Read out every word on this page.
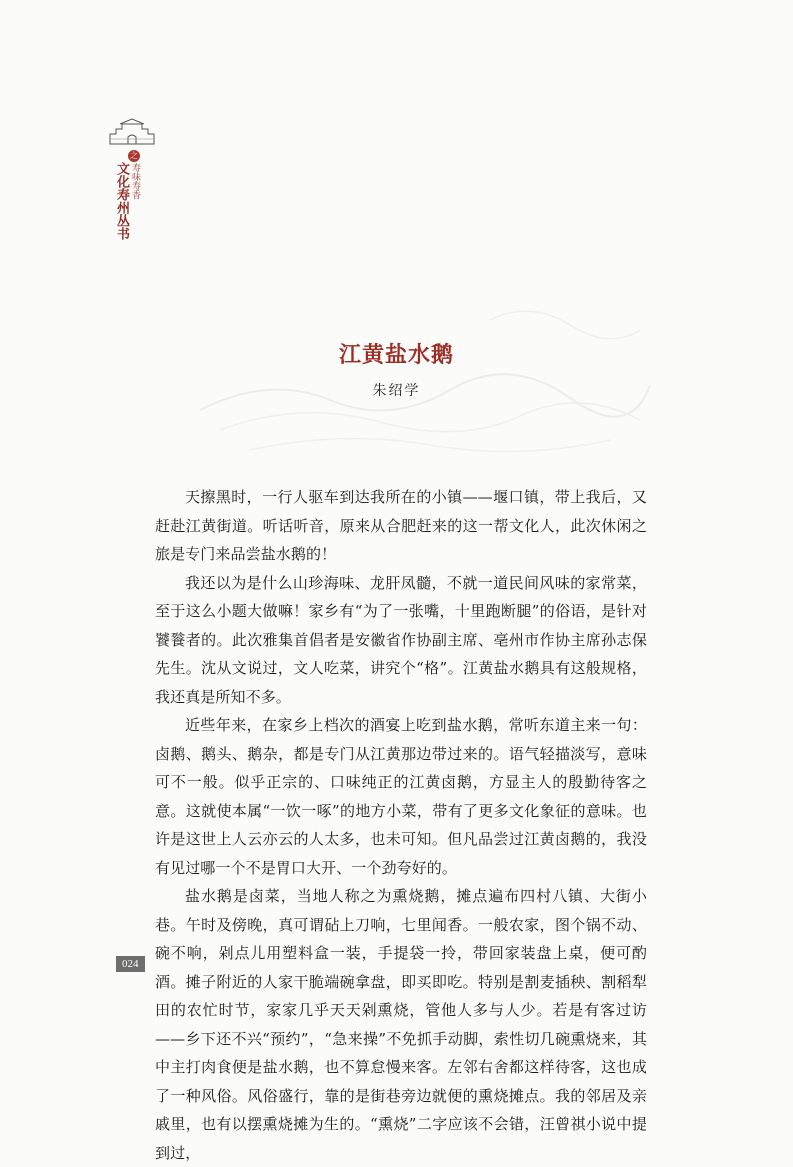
之
文化寿州丛书 寿味寿香
江黄盐水鹅
朱绍学

天擦黑时，一行人驱车到达我所在的小镇——堰口镇，带上我后，又赶赴江黄街道。听话听音，原来从合肥赶来的这一帮文化人，此次休闲之旅是专门来品尝盐水鹅的！

我还以为是什么山珍海味、龙肝凤髓，不就一道民间风味的家常菜，至于这么小题大做嘛！家乡有“为了一张嘴，十里跑断腿”的俗语，是针对饕餮者的。此次雅集首倡者是安徽省作协副主席、亳州市作协主席孙志保先生。沈从文说过，文人吃菜，讲究个“格”。江黄盐水鹅具有这般规格，我还真是所知不多。

近些年来，在家乡上档次的酒宴上吃到盐水鹅，常听东道主来一句：卤鹅、鹅头、鹅杂，都是专门从江黄那边带过来的。语气轻描淡写，意味可不一般。似乎正宗的、口味纯正的江黄卤鹅，方显主人的殷勤待客之意。这就使本属“一饮一啄”的地方小菜，带有了更多文化象征的意味。也许是这世上人云亦云的人太多，也未可知。但凡品尝过江黄卤鹅的，我没有见过哪一个不是胃口大开、一个劲夸好的。

盐水鹅是卤菜，当地人称之为熏烧鹅，摊点遍布四村八镇、大街小巷。午时及傍晚，真可谓砧上刀响，七里闻香。一般农家，图个锅不动、碗不响，剁点儿用塑料盒一装，手提袋一拎，带回家装盘上桌，便可酌酒。摊子附近的人家干脆端碗拿盘，即买即吃。特别是割麦插秧、割稻犁田的农忙时节，家家几乎天天剁熏烧，管他人多与人少。若是有客过访——乡下还不兴“预约”，“急来操”不免抓手动脚，索性切几碗熏烧来，其中主打肉食便是盐水鹅，也不算怠慢来客。左邻右舍都这样待客，这也成了一种风俗。风俗盛行，靠的是街巷旁边就便的熏烧摊点。我的邻居及亲戚里，也有以摆熏烧摊为生的。“熏烧”二字应该不会错，汪曾祺小说中提到过，

024
